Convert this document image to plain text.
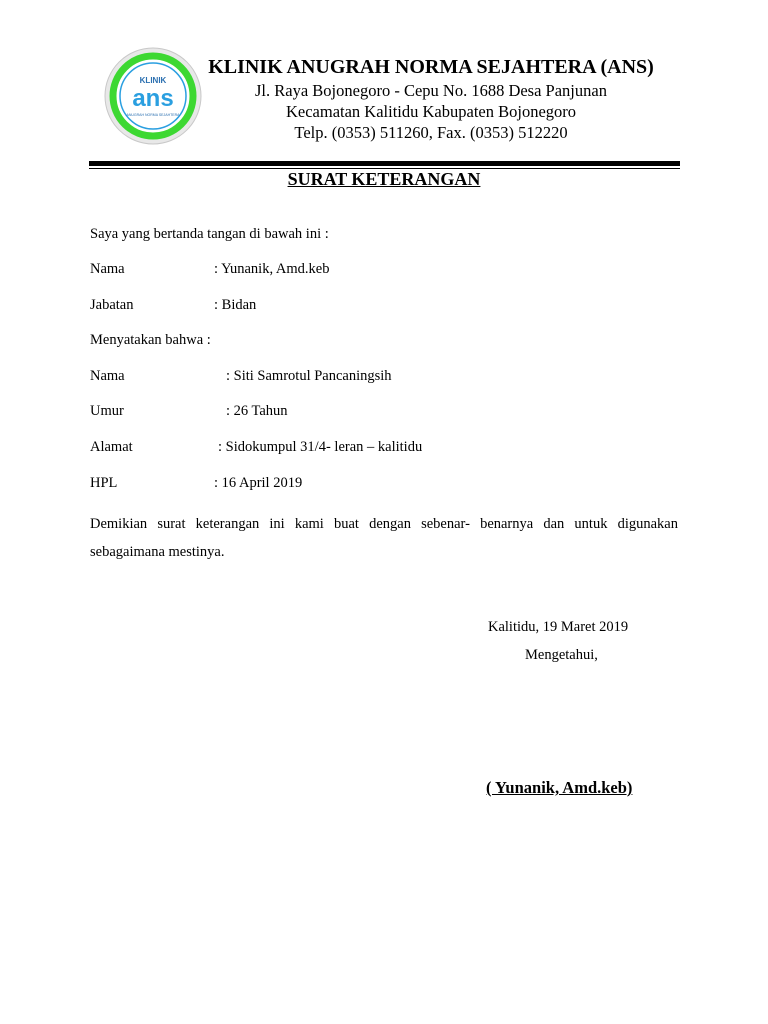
KLINIK
ans
ANUGRAH NORMA SEJAHTERA
KLINIK ANUGRAH NORMA SEJAHTERA (ANS)
Jl. Raya Bojonegoro - Cepu No. 1688 Desa Panjunan
Kecamatan Kalitidu Kabupaten Bojonegoro
Telp. (0353) 511260, Fax. (0353) 512220
SURAT KETERANGAN
Saya yang bertanda tangan di bawah ini :
Nama	: Yunanik, Amd.keb
Jabatan	: Bidan
Menyatakan bahwa :
Nama	: Siti Samrotul Pancaningsih
Umur	: 26 Tahun
Alamat	: Sidokumpul 31/4- leran – kalitidu
HPL	: 16 April 2019
Demikian surat keterangan ini kami buat dengan sebenar- benarnya dan untuk digunakan sebagaimana mestinya.
Kalitidu, 19 Maret 2019
Mengetahui,
( Yunanik, Amd.keb)
